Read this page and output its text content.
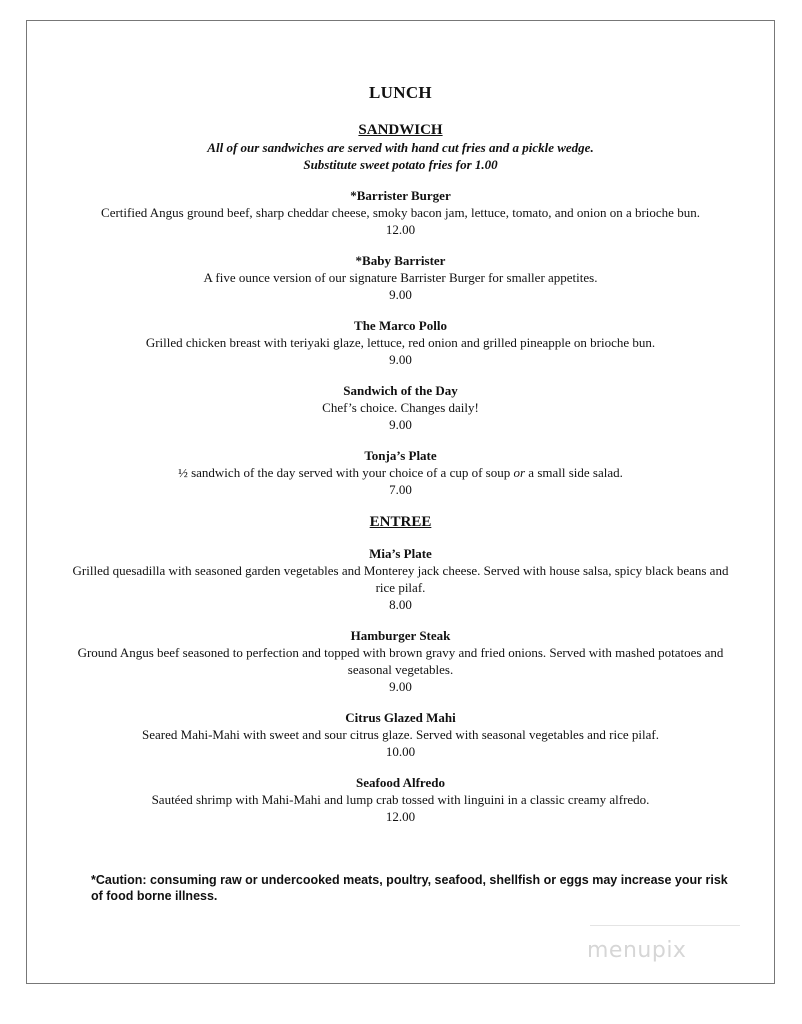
LUNCH
SANDWICH
All of our sandwiches are served with hand cut fries and a pickle wedge.
Substitute sweet potato fries for 1.00
*Barrister Burger
Certified Angus ground beef, sharp cheddar cheese, smoky bacon jam, lettuce, tomato, and onion on a brioche bun.
12.00
*Baby Barrister
A five ounce version of our signature Barrister Burger for smaller appetites.
9.00
The Marco Pollo
Grilled chicken breast with teriyaki glaze, lettuce, red onion and grilled pineapple on brioche bun.
9.00
Sandwich of the Day
Chef’s choice. Changes daily!
9.00
Tonja’s Plate
½ sandwich of the day served with your choice of a cup of soup or a small side salad.
7.00
ENTREE
Mia’s Plate
Grilled quesadilla with seasoned garden vegetables and Monterey jack cheese. Served with house salsa, spicy black beans and rice pilaf.
8.00
Hamburger Steak
Ground Angus beef seasoned to perfection and topped with brown gravy and fried onions. Served with mashed potatoes and seasonal vegetables.
9.00
Citrus Glazed Mahi
Seared Mahi-Mahi with sweet and sour citrus glaze. Served with seasonal vegetables and rice pilaf.
10.00
Seafood Alfredo
Sautéed shrimp with Mahi-Mahi and lump crab tossed with linguini in a classic creamy alfredo.
12.00
*Caution: consuming raw or undercooked meats, poultry, seafood, shellfish or eggs may increase your risk of food borne illness.
menupix
